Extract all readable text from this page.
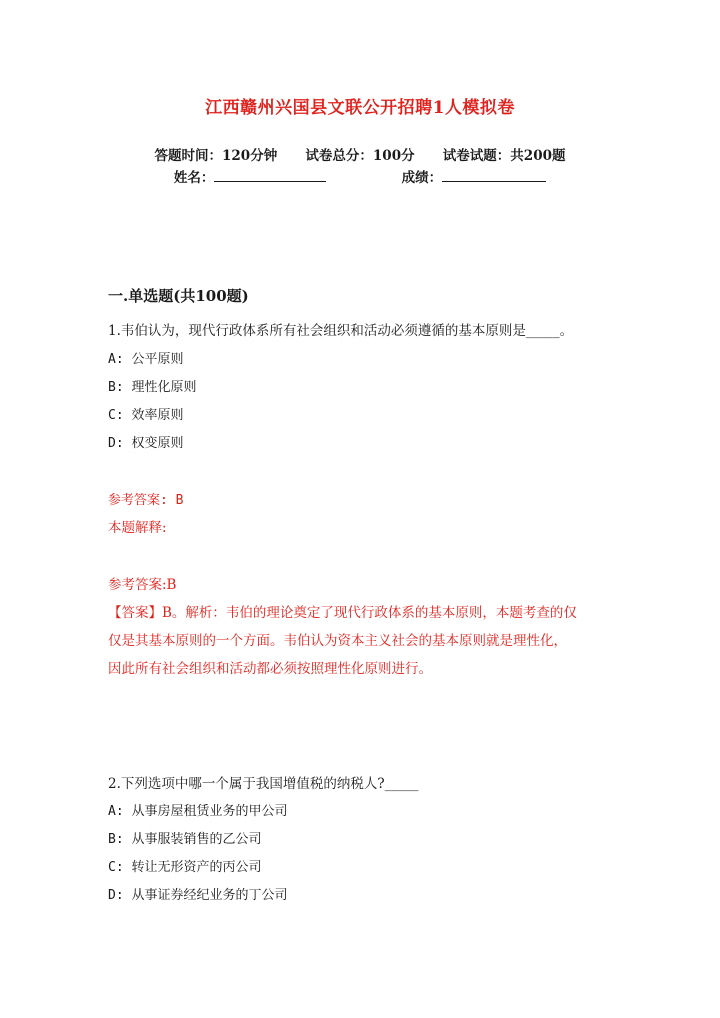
江西赣州兴国县文联公开招聘1人模拟卷
答题时间：120分钟 试卷总分：100分 试卷试题：共200题
姓名：	成绩：
一.单选题(共100题)
1.韦伯认为，现代行政体系所有社会组织和活动必须遵循的基本原则是_____。
A: 公平原则
B: 理性化原则
C: 效率原则
D: 权变原则
参考答案: B
本题解释:
参考答案:B
【答案】B。解析：韦伯的理论奠定了现代行政体系的基本原则，本题考查的仅
仅是其基本原则的一个方面。韦伯认为资本主义社会的基本原则就是理性化，
因此所有社会组织和活动都必须按照理性化原则进行。
2.下列选项中哪一个属于我国增值税的纳税人?_____
A: 从事房屋租赁业务的甲公司
B: 从事服装销售的乙公司
C: 转让无形资产的丙公司
D: 从事证券经纪业务的丁公司
